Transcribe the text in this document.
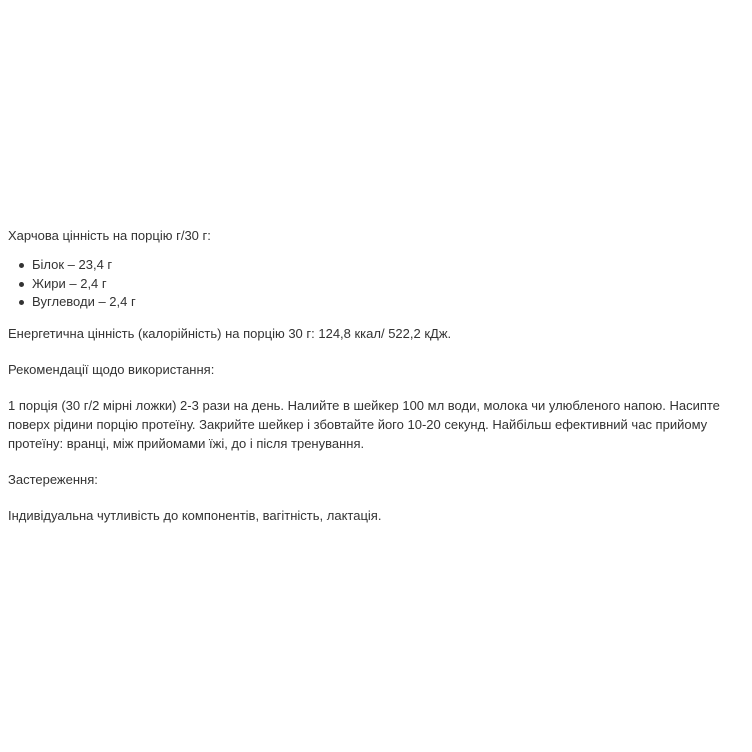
Харчова цінність на порцію г/30 г:

Білок – 23,4 г
Жири – 2,4 г
Вуглеводи – 2,4 г

Енергетична цінність (калорійність) на порцію 30 г: 124,8 ккал/ 522,2 кДж.

Рекомендації щодо використання:

1 порція (30 г/2 мірні ложки) 2-3 рази на день. Налийте в шейкер 100 мл води, молока чи улюбленого напою. Насипте поверх рідини порцію протеїну. Закрийте шейкер і збовтайте його 10-20 секунд. Найбільш ефективний час прийому протеїну: вранці, між прийомами їжі, до і після тренування.

Застереження:

Індивідуальна чутливість до компонентів, вагітність, лактація.
